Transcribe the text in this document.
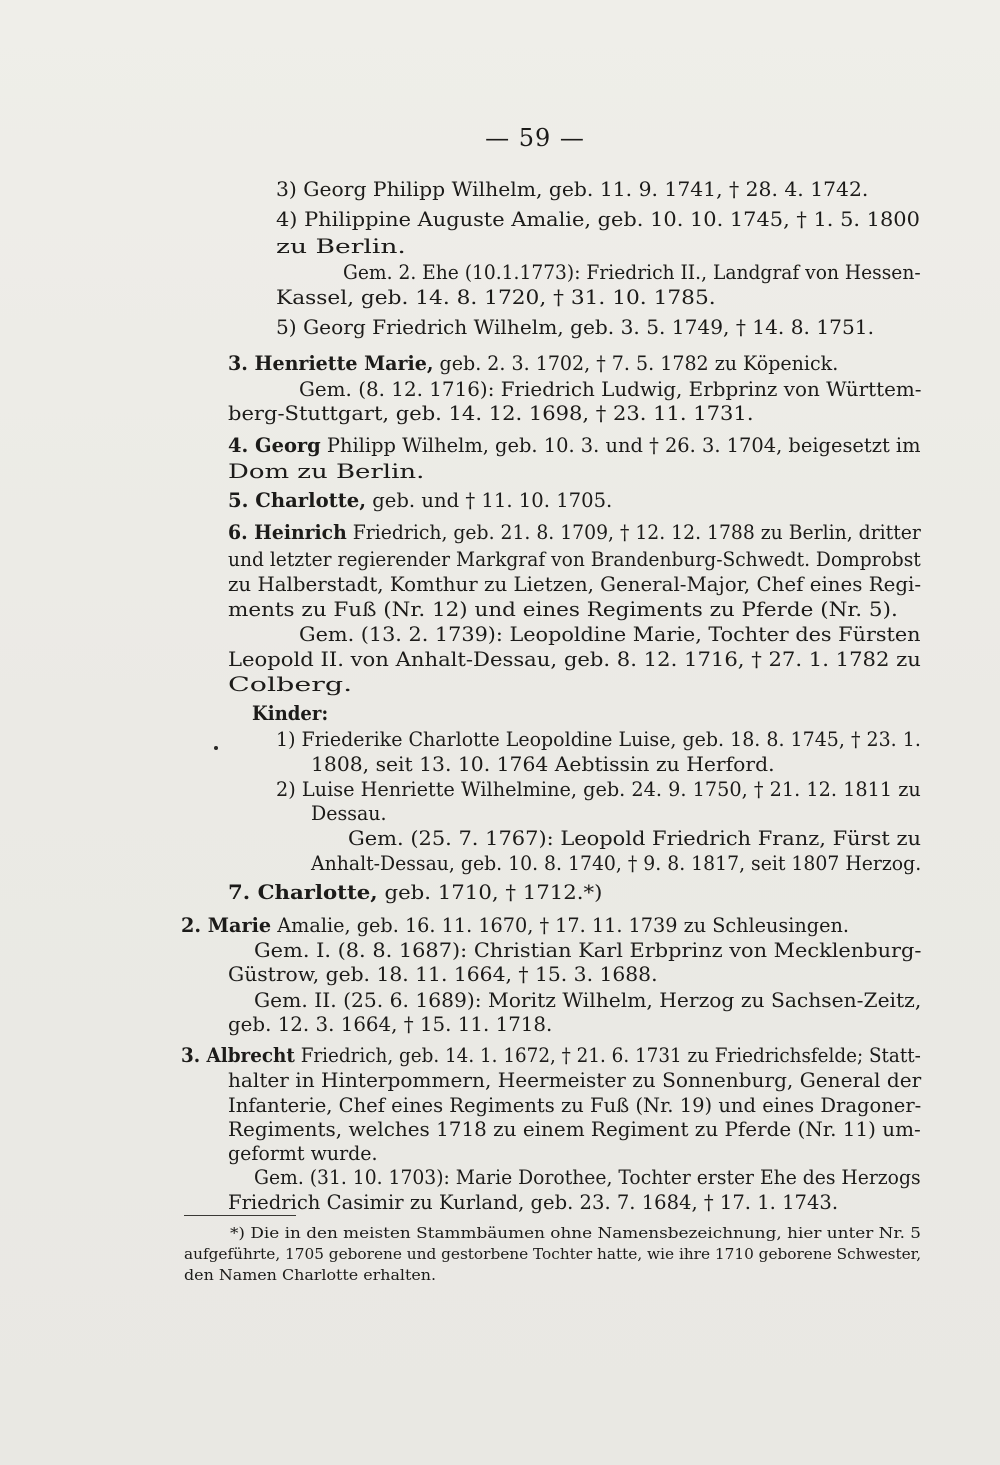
— 59 —
3) Georg Philipp Wilhelm, geb. 11. 9. 1741, † 28. 4. 1742.
4) Philippine Auguste Amalie, geb. 10. 10. 1745, † 1. 5. 1800
zu Berlin.
Gem. 2. Ehe (10.1.1773): Friedrich II., Landgraf von Hessen-
Kassel, geb. 14. 8. 1720, † 31. 10. 1785.
5) Georg Friedrich Wilhelm, geb. 3. 5. 1749, † 14. 8. 1751.
3. Henriette Marie, geb. 2. 3. 1702, † 7. 5. 1782 zu Köpenick.
Gem. (8. 12. 1716): Friedrich Ludwig, Erbprinz von Württem-
berg-Stuttgart, geb. 14. 12. 1698, † 23. 11. 1731.
4. Georg Philipp Wilhelm, geb. 10. 3. und † 26. 3. 1704, beigesetzt im
Dom zu Berlin.
5. Charlotte, geb. und † 11. 10. 1705.
6. Heinrich Friedrich, geb. 21. 8. 1709, † 12. 12. 1788 zu Berlin, dritter
und letzter regierender Markgraf von Brandenburg-Schwedt. Domprobst
zu Halberstadt, Komthur zu Lietzen, General-Major, Chef eines Regi-
ments zu Fuß (Nr. 12) und eines Regiments zu Pferde (Nr. 5).
Gem. (13. 2. 1739): Leopoldine Marie, Tochter des Fürsten
Leopold II. von Anhalt-Dessau, geb. 8. 12. 1716, † 27. 1. 1782 zu
Colberg.
Kinder:
1) Friederike Charlotte Leopoldine Luise, geb. 18. 8. 1745, † 23. 1.
1808, seit 13. 10. 1764 Aebtissin zu Herford.
2) Luise Henriette Wilhelmine, geb. 24. 9. 1750, † 21. 12. 1811 zu
Dessau.
Gem. (25. 7. 1767): Leopold Friedrich Franz, Fürst zu
Anhalt-Dessau, geb. 10. 8. 1740, † 9. 8. 1817, seit 1807 Herzog.
7. Charlotte, geb. 1710, † 1712.*)
2. Marie Amalie, geb. 16. 11. 1670, † 17. 11. 1739 zu Schleusingen.
Gem. I. (8. 8. 1687): Christian Karl Erbprinz von Mecklenburg-
Güstrow, geb. 18. 11. 1664, † 15. 3. 1688.
Gem. II. (25. 6. 1689): Moritz Wilhelm, Herzog zu Sachsen-Zeitz,
geb. 12. 3. 1664, † 15. 11. 1718.
3. Albrecht Friedrich, geb. 14. 1. 1672, † 21. 6. 1731 zu Friedrichsfelde; Statt-
halter in Hinterpommern, Heermeister zu Sonnenburg, General der
Infanterie, Chef eines Regiments zu Fuß (Nr. 19) und eines Dragoner-
Regiments, welches 1718 zu einem Regiment zu Pferde (Nr. 11) um-
geformt wurde.
Gem. (31. 10. 1703): Marie Dorothee, Tochter erster Ehe des Herzogs
Friedrich Casimir zu Kurland, geb. 23. 7. 1684, † 17. 1. 1743.
*) Die in den meisten Stammbäumen ohne Namensbezeichnung, hier unter Nr. 5
aufgeführte, 1705 geborene und gestorbene Tochter hatte, wie ihre 1710 geborene Schwester,
den Namen Charlotte erhalten.
